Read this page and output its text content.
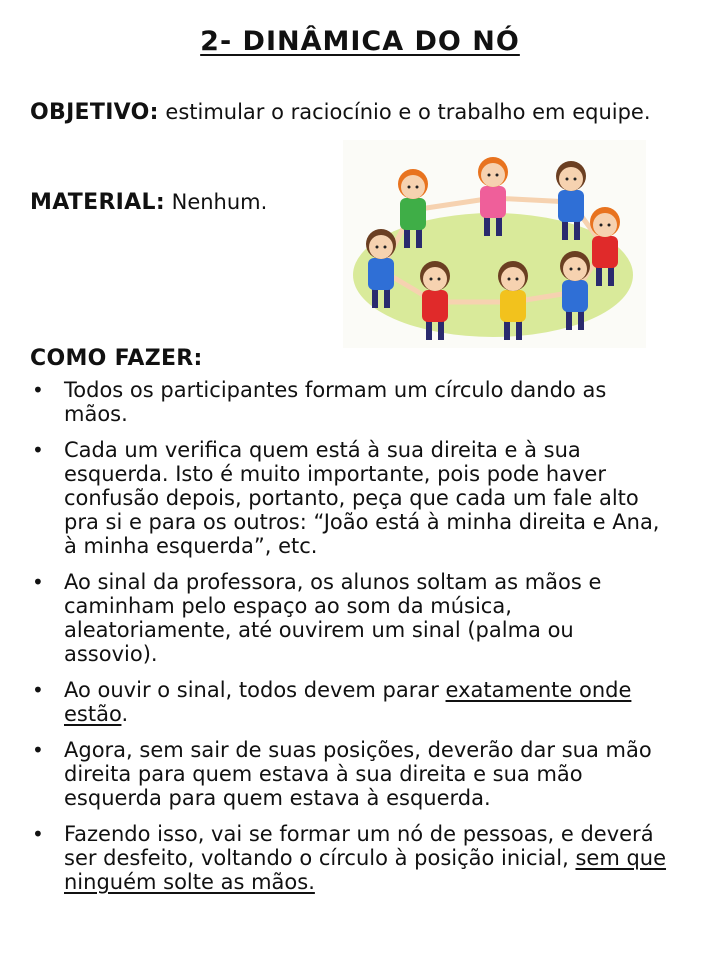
2- DINÂMICA DO NÓ
OBJETIVO: estimular o raciocínio e o trabalho em equipe.
MATERIAL: Nenhum.
COMO FAZER:
• Todos os participantes formam um círculo dando as mãos.
• Cada um verifica quem está à sua direita e à sua esquerda. Isto é muito importante, pois pode haver confusão depois, portanto, peça que cada um fale alto pra si e para os outros: “João está à minha direita e Ana, à minha esquerda”, etc.
• Ao sinal da professora, os alunos soltam as mãos e caminham pelo espaço ao som da música, aleatoriamente, até ouvirem um sinal (palma ou assovio).
• Ao ouvir o sinal, todos devem parar exatamente onde estão.
• Agora, sem sair de suas posições, deverão dar sua mão direita para quem estava à sua direita e sua mão esquerda para quem estava à esquerda.
• Fazendo isso, vai se formar um nó de pessoas, e deverá ser desfeito, voltando o círculo à posição inicial, sem que ninguém solte as mãos.
